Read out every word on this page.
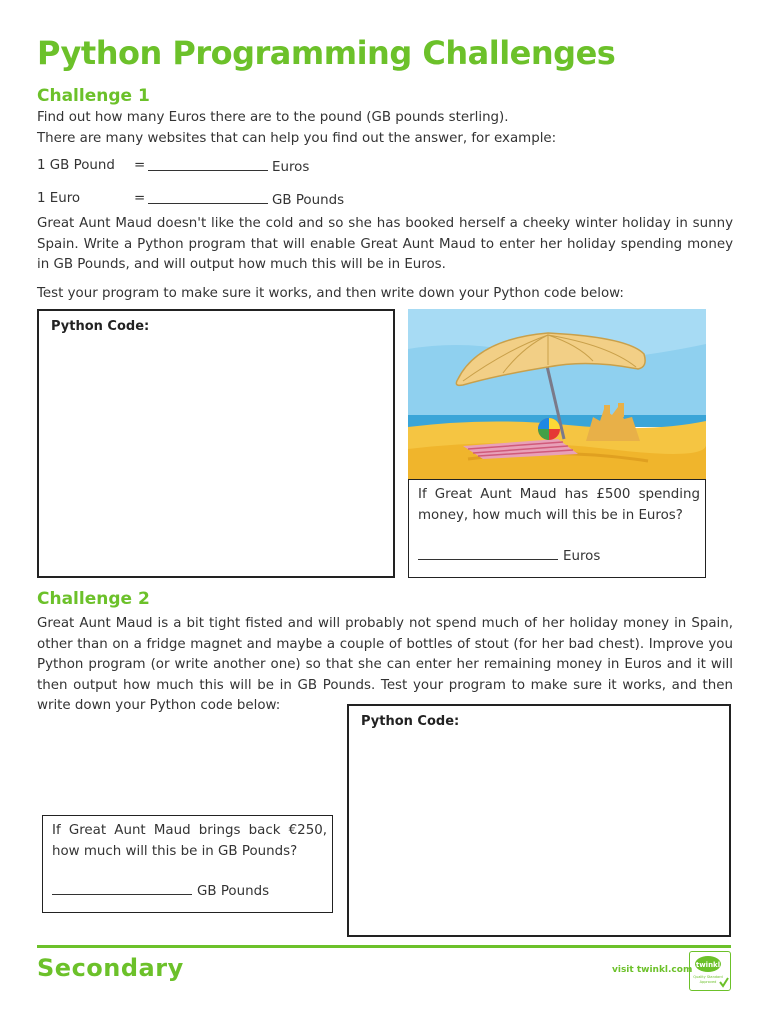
Python Programming Challenges
Challenge 1
Find out how many Euros there are to the pound (GB pounds sterling).
There are many websites that can help you find out the answer, for example:
1 GB Pound =	Euros
1 Euro	=	GB Pounds
Great Aunt Maud doesn't like the cold and so she has booked herself a cheeky winter holiday in sunny Spain. Write a Python program that will enable Great Aunt Maud to enter her holiday spending money in GB Pounds, and will output how much this will be in Euros.
Test your program to make sure it works, and then write down your Python code below:
Python Code:
If Great Aunt Maud has £500 spending money, how much will this be in Euros?
Euros
Challenge 2
Great Aunt Maud is a bit tight fisted and will probably not spend much of her holiday money in Spain, other than on a fridge magnet and maybe a couple of bottles of stout (for her bad chest). Improve you Python program (or write another one) so that she can enter her remaining money in Euros and it will then output how much this will be in GB Pounds. Test your program to make sure it works, and then write down your Python code below:
Python Code:
If Great Aunt Maud brings back €250, how much will this be in GB Pounds?
GB Pounds
Secondary	visit twinkl.com twinkl
Quality Standard
Approved
